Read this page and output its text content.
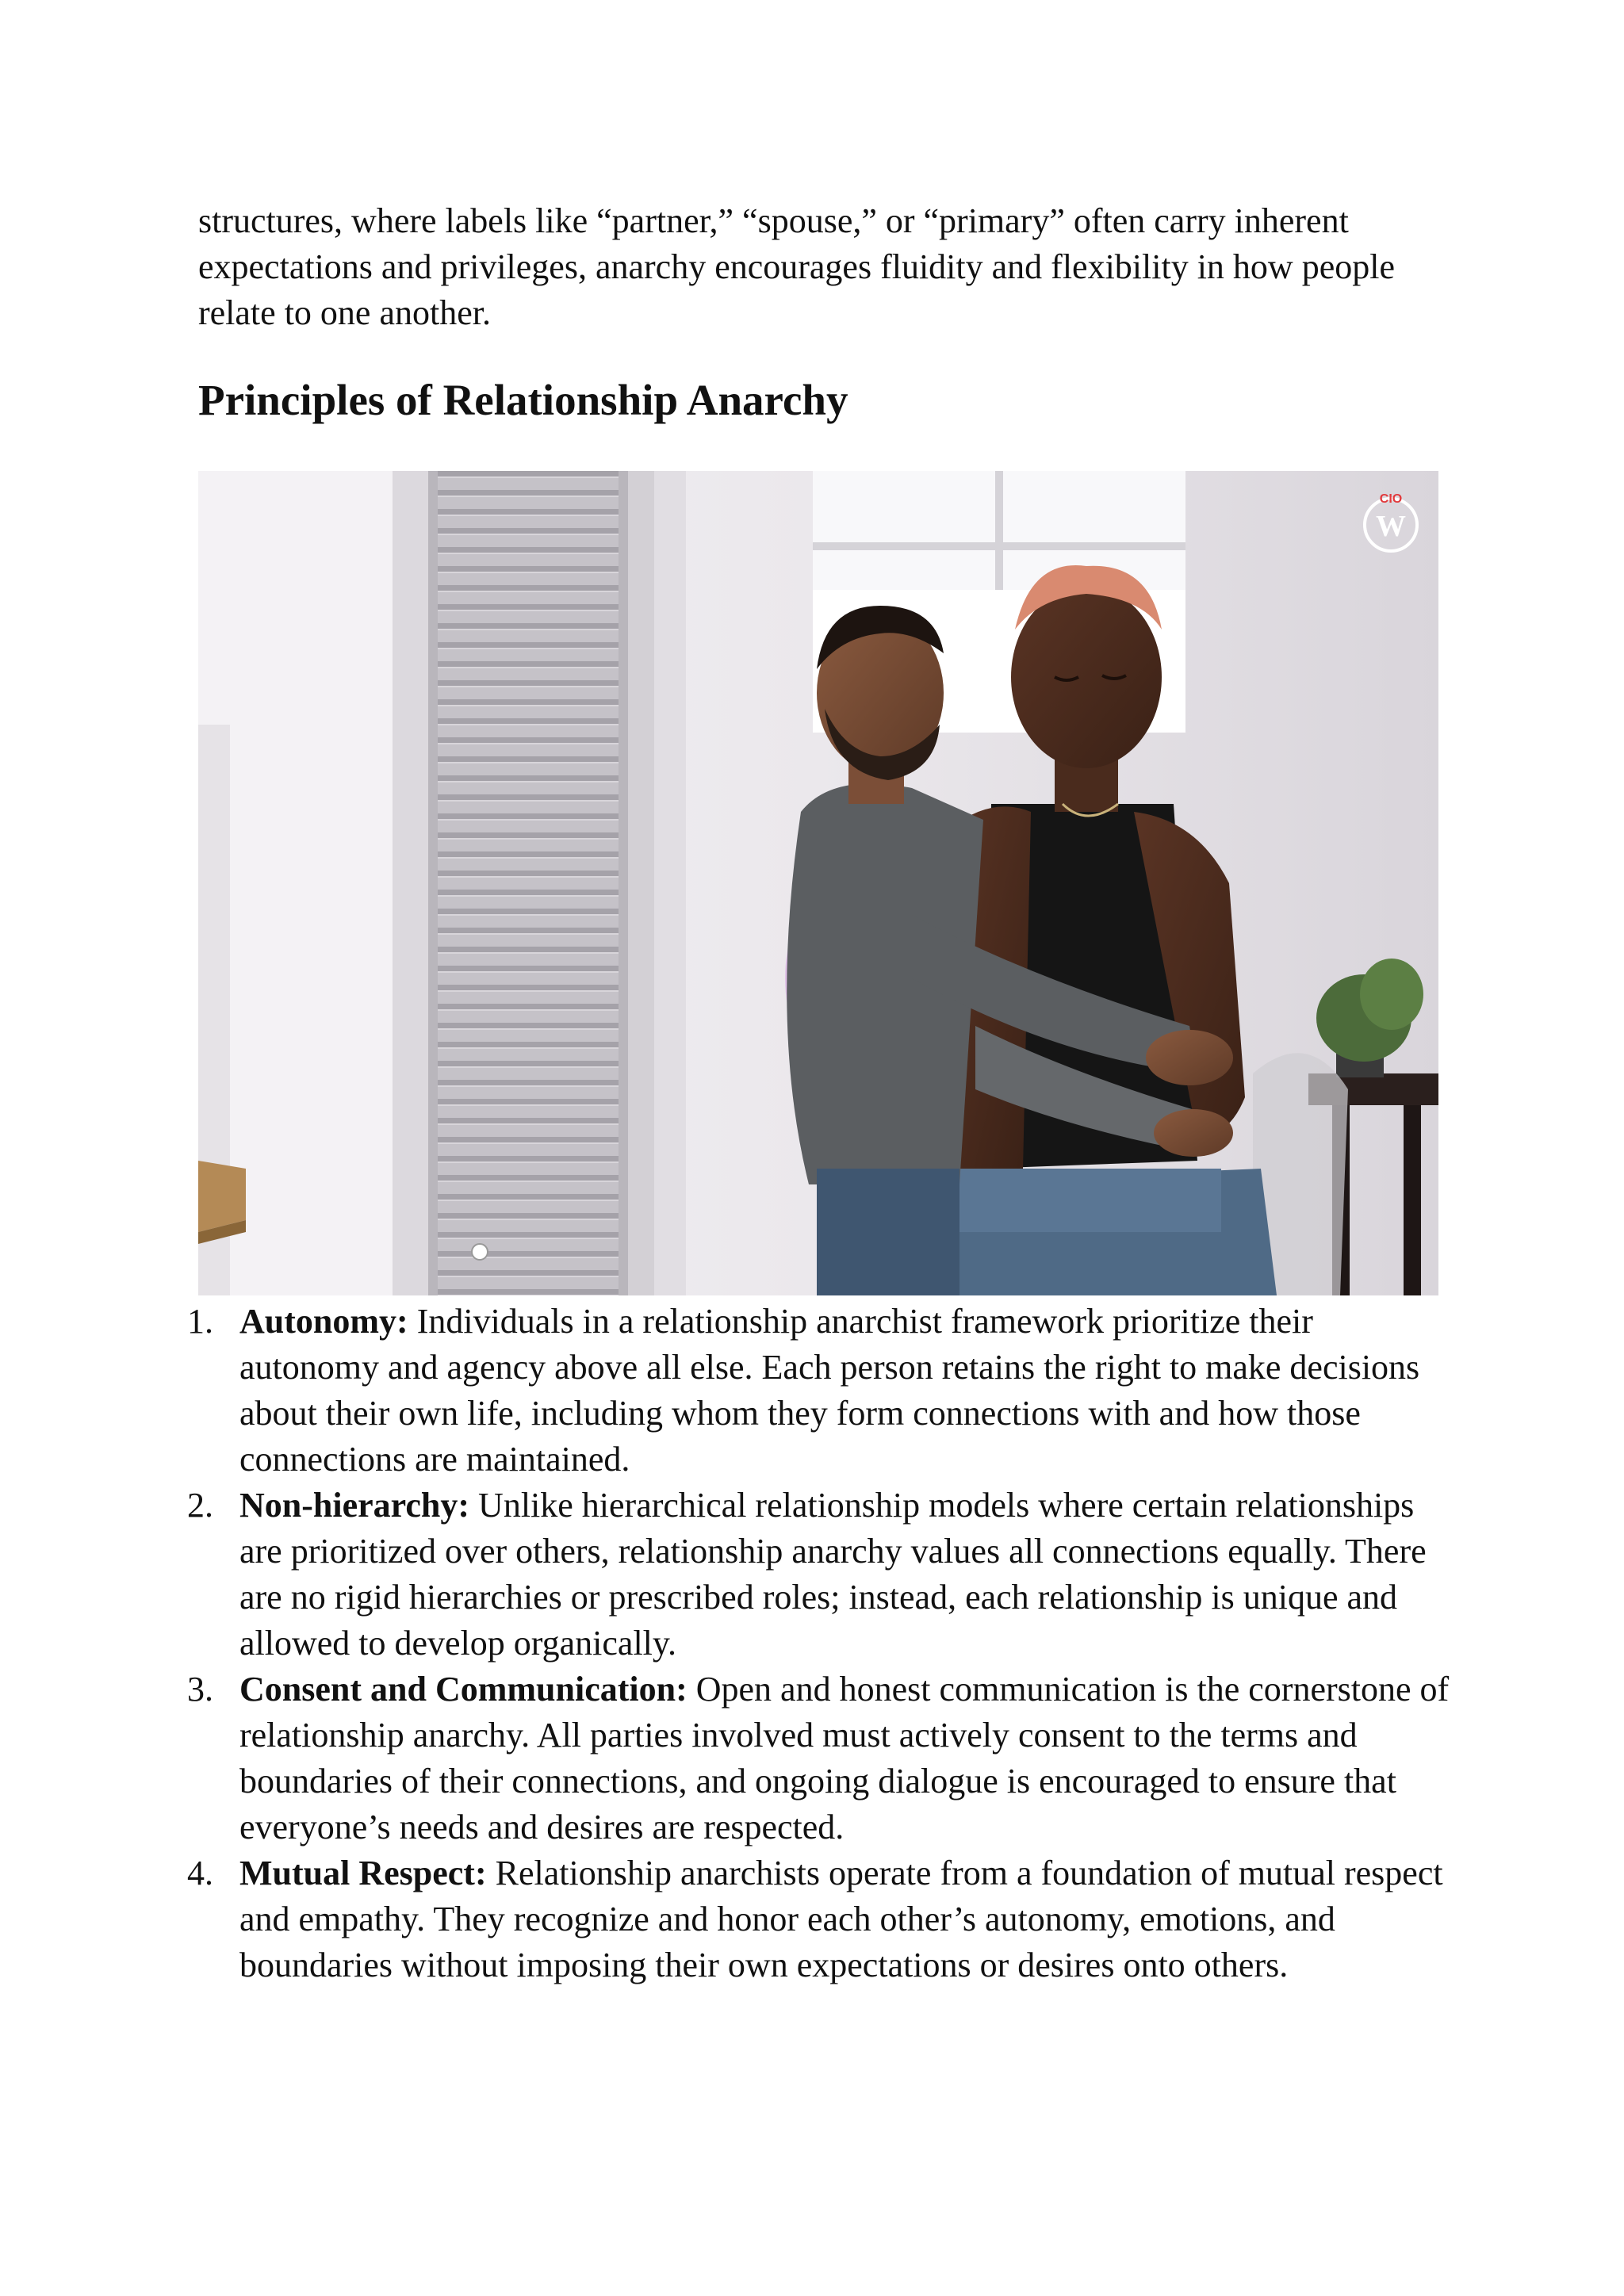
structures, where labels like “partner,” “spouse,” or “primary” often carry inherent expectations and privileges, anarchy encourages fluidity and flexibility in how people relate to one another.

Principles of Relationship Anarchy
CIO
W
1. Autonomy: Individuals in a relationship anarchist framework prioritize their autonomy and agency above all else. Each person retains the right to make decisions about their own life, including whom they form connections with and how those connections are maintained.
2. Non-hierarchy: Unlike hierarchical relationship models where certain relationships are prioritized over others, relationship anarchy values all connections equally. There are no rigid hierarchies or prescribed roles; instead, each relationship is unique and allowed to develop organically.
3. Consent and Communication: Open and honest communication is the cornerstone of relationship anarchy. All parties involved must actively consent to the terms and boundaries of their connections, and ongoing dialogue is encouraged to ensure that everyone’s needs and desires are respected.
4. Mutual Respect: Relationship anarchists operate from a foundation of mutual respect and empathy. They recognize and honor each other’s autonomy, emotions, and boundaries without imposing their own expectations or desires onto others.
